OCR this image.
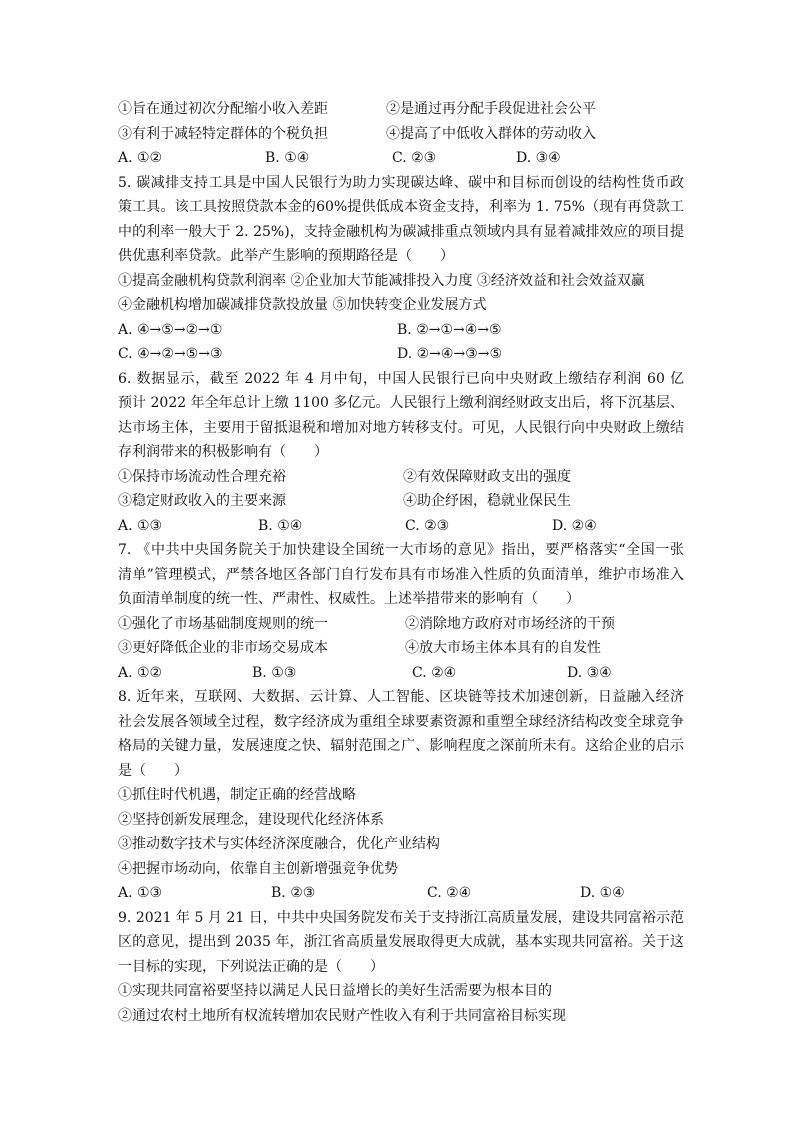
①旨在通过初次分配缩小收入差距	②是通过再分配手段促进社会公平
③有利于减轻特定群体的个税负担	④提高了中低收入群体的劳动收入
A. ①②	B. ①④	C. ②③	D. ③④
5. 碳减排支持工具是中国人民银行为助力实现碳达峰、碳中和目标而创设的结构性货币政
策工具。该工具按照贷款本金的60%提供低成本资金支持，利率为 1. 75%（现有再贷款工
中的利率一般大于 2. 25%)，支持金融机构为碳减排重点领域内具有显着减排效应的项目提
供优惠利率贷款。此举产生影响的预期路径是（　　）
①提高金融机构贷款利润率 ②企业加大节能减排投入力度 ③经济效益和社会效益双赢
④金融机构增加碳减排贷款投放量 ⑤加快转变企业发展方式
A. ④→⑤→②→①	B. ②→①→④→⑤
C. ④→②→⑤→③	D. ②→④→③→⑤
6. 数据显示，截至 2022 年 4 月中旬，中国人民银行已向中央财政上缴结存利润 60 亿
预计 2022 年全年总计上缴 1100 多亿元。人民银行上缴利润经财政支出后，将下沉基层、
达市场主体，主要用于留抵退税和增加对地方转移支付。可见，人民银行向中央财政上缴结
存利润带来的积极影响有（　　）
①保持市场流动性合理充裕	②有效保障财政支出的强度
③稳定财政收入的主要来源	④助企纾困，稳就业保民生
A. ①③	B. ①④	C. ②③	D. ②④
7. 《中共中央国务院关于加快建设全国统一大市场的意见》指出，要严格落实“全国一张
清单”管理模式，严禁各地区各部门自行发布具有市场准入性质的负面清单，维护市场准入
负面清单制度的统一性、严肃性、权威性。上述举措带来的影响有（　　）
①强化了市场基础制度规则的统一	②消除地方政府对市场经济的干预
③更好降低企业的非市场交易成本	④放大市场主体本具有的自发性
A. ①②	B. ①③	C. ②④	D. ③④
8. 近年来，互联网、大数据、云计算、人工智能、区块链等技术加速创新，日益融入经济
社会发展各领域全过程，数字经济成为重组全球要素资源和重塑全球经济结构改变全球竞争
格局的关键力量，发展速度之快、辐射范围之广、影响程度之深前所未有。这给企业的启示
是（　　）
①抓住时代机遇，制定正确的经营战略
②坚持创新发展理念，建设现代化经济体系
③推动数字技术与实体经济深度融合，优化产业结构
④把握市场动向，依靠自主创新增强竞争优势
A. ①③	B. ②③	C. ②④	D. ①④
9. 2021 年 5 月 21 日，中共中央国务院发布关于支持浙江高质量发展，建设共同富裕示范
区的意见，提出到 2035 年，浙江省高质量发展取得更大成就，基本实现共同富裕。关于这
一目标的实现，下列说法正确的是（　　）
①实现共同富裕要坚持以满足人民日益增长的美好生活需要为根本目的
②通过农村土地所有权流转增加农民财产性收入有利于共同富裕目标实现
